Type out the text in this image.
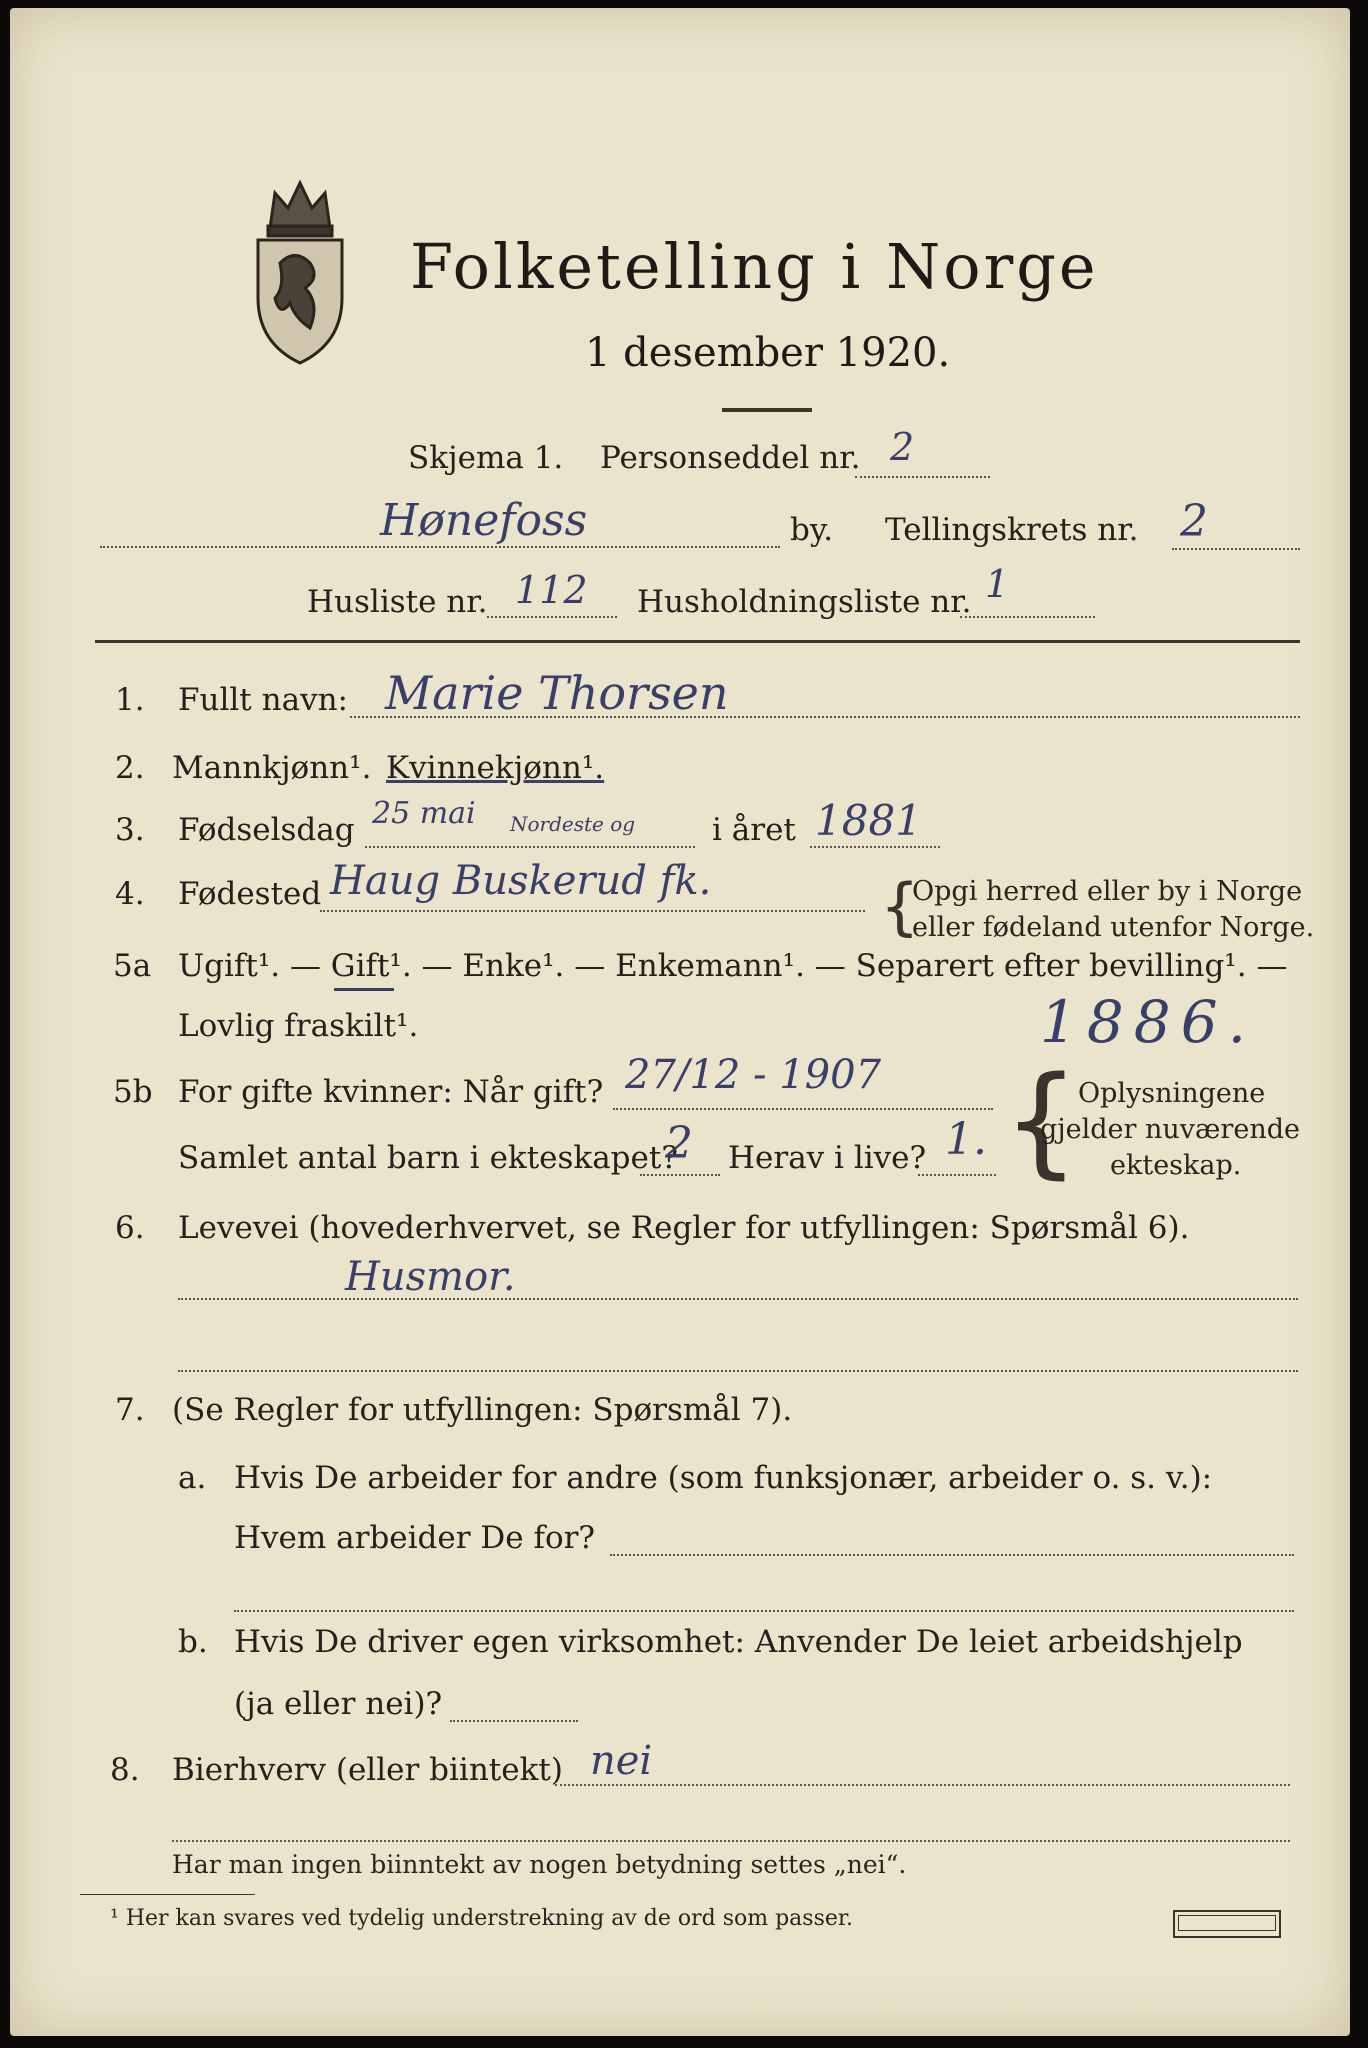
Folketelling i Norge
1 desember 1920.
Skjema 1. Personseddel nr. 2
Hønefoss	by. Tellingskrets nr. 2
Husliste nr. 112 Husholdningsliste nr. 1
1. Fullt navn: Marie Thorsen
2. Mannkjønn¹. Kvinnekjønn¹.
3. Fødselsdag 25 mai Nordeste og i året 1881
4. Fødested Haug Buskerud fk.	{
Opgi herred eller by i Norge
eller fødeland utenfor Norge.
5a Ugift¹. — Gift¹. — Enke¹. — Enkemann¹. — Separert efter bevilling¹. —
Lovlig fraskilt¹.	1886.
5b For gifte kvinner: Når gift? 27/12 - 1907
Samlet antal barn i ekteskapet?
2 Herav i live? 1. {
Oplysningene
gjelder nuværende
ekteskap.
6. Levevei (hovederhvervet, se Regler for utfyllingen: Spørsmål 6).
Husmor.
7. (Se Regler for utfyllingen: Spørsmål 7).
a. Hvis De arbeider for andre (som funksjonær, arbeider o. s. v.):
Hvem arbeider De for?
b. Hvis De driver egen virksomhet: Anvender De leiet arbeidshjelp
(ja eller nei)?
8. Bierhverv (eller biintekt) nei
Har man ingen biinntekt av nogen betydning settes „nei“.
¹ Her kan svares ved tydelig understrekning av de ord som passer.
